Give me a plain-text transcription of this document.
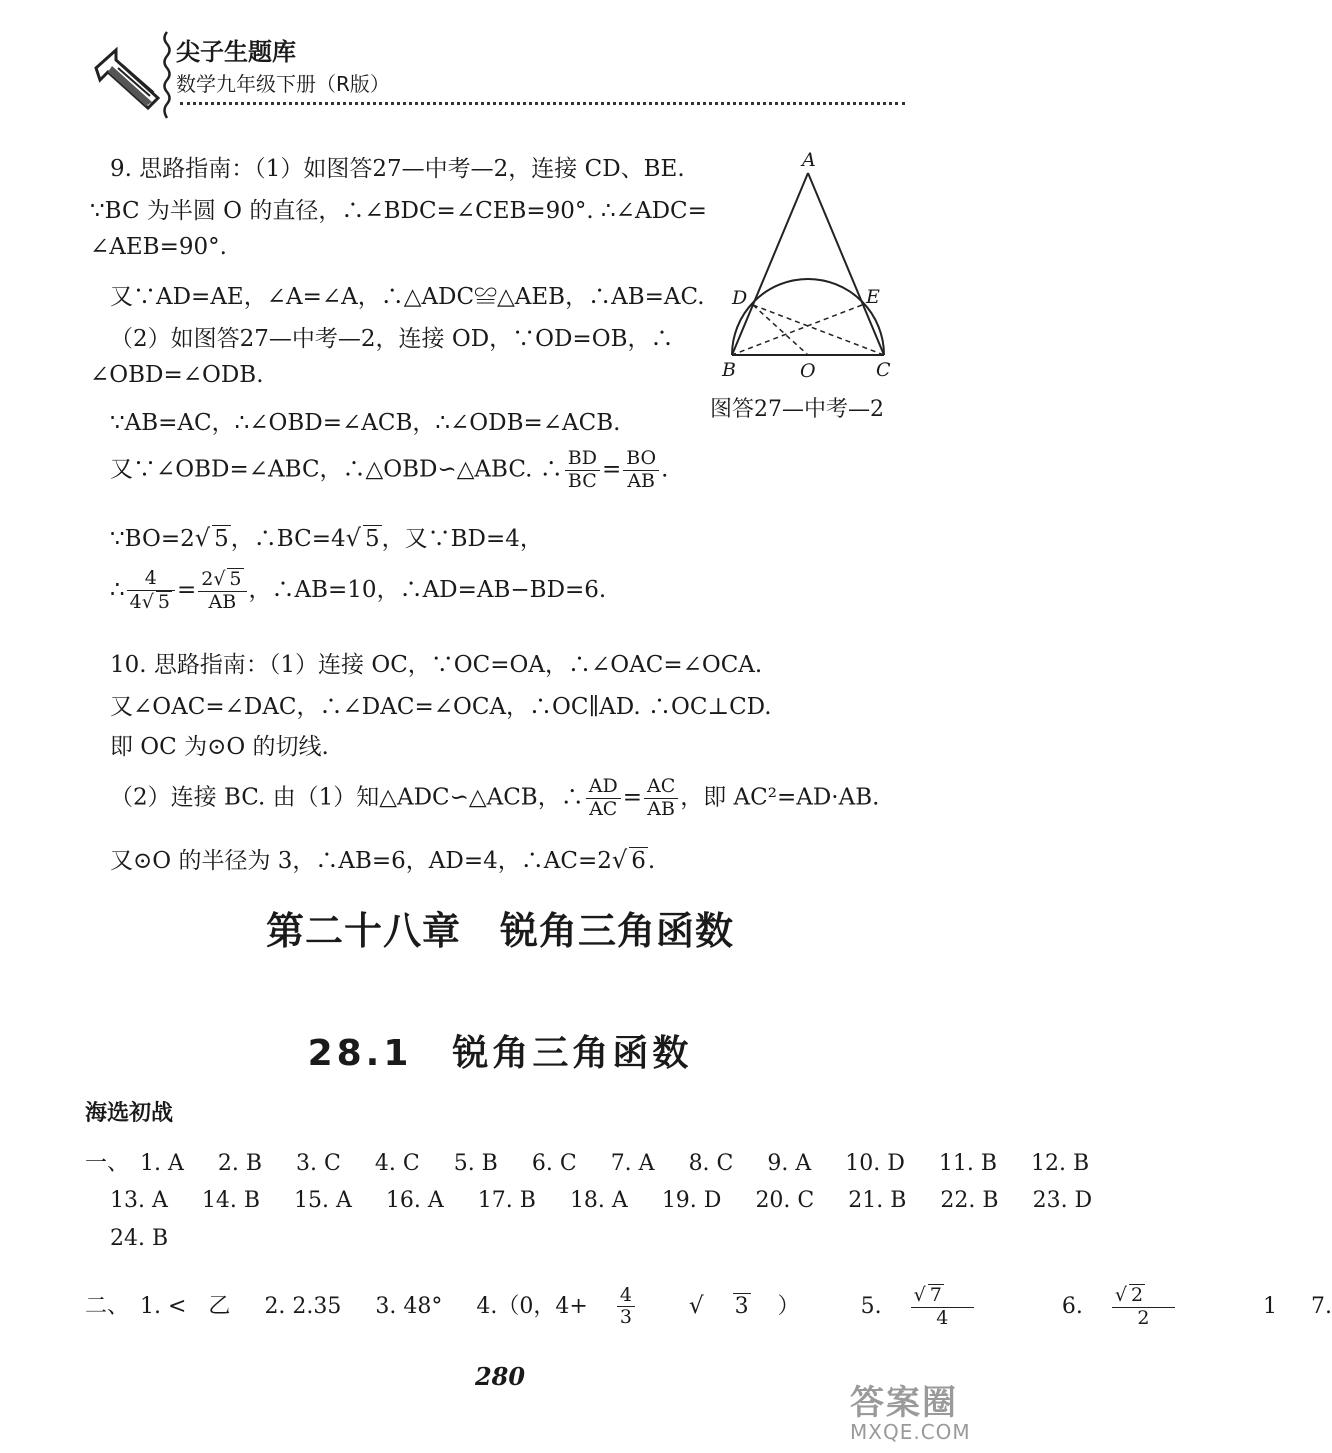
尖子生题库
数学九年级下册（R版）
A
D	E
B	O	C
图答27—中考—2
9. 思路指南：（1）如图答27—中考—2，连接 CD、BE.
∵BC 为半圆 O 的直径，∴∠BDC=∠CEB=90°. ∴∠ADC=
∠AEB=90°.
又∵AD=AE，∠A=∠A，∴△ADC≌△AEB，∴AB=AC.
（2）如图答27—中考—2，连接 OD，∵OD=OB，∴
∠OBD=∠ODB.
∵AB=AC，∴∠OBD=∠ACB，∴∠ODB=∠ACB.
又∵∠OBD=∠ABC，∴△OBD∽△ABC. ∴ $\frac{BD}{BC} = \frac{BO}{AB}$ .
∵BO=2√ 5，∴BC=4√ 5，又∵BD=4，
∴ $\frac{4}{4√ 5} = \frac{2√ 5}{AB}$ ，∴AB=10，∴AD=AB−BD=6.
10. 思路指南：（1）连接 OC，∵OC=OA，∴∠OAC=∠OCA.
又∠OAC=∠DAC，∴∠DAC=∠OCA，∴OC∥AD. ∴OC⊥CD.
即 OC 为⊙O 的切线.
（2）连接 BC. 由（1）知△ADC∽△ACB，∴ $\frac{AD}{AC} = \frac{AC}{AB}$ ，即 AC²=AD·AB.
又⊙O 的半径为 3，∴AB=6，AD=4，∴AC=2√ 6.
第二十八章　锐角三角函数
28.1　锐角三角函数
海选初战
一、 1. A 2. B 3. C 4. C 5. B 6. C 7. A 8. C 9. A 10. D 11. B 12. B
13. A 14. B 15. A 16. A 17. B 18. A 19. D 20. C 21. B 22. B 23. D
24. B
二、 1. <　乙 2. 2.35 3. 48° 4.（0，$4+ \frac{4}{3}$ √ 3 ）	5. $\frac{√ 7}{4}$	6. $\frac{√ 2}{2}$	1 7.
280
答案圈
MXQE.COM
